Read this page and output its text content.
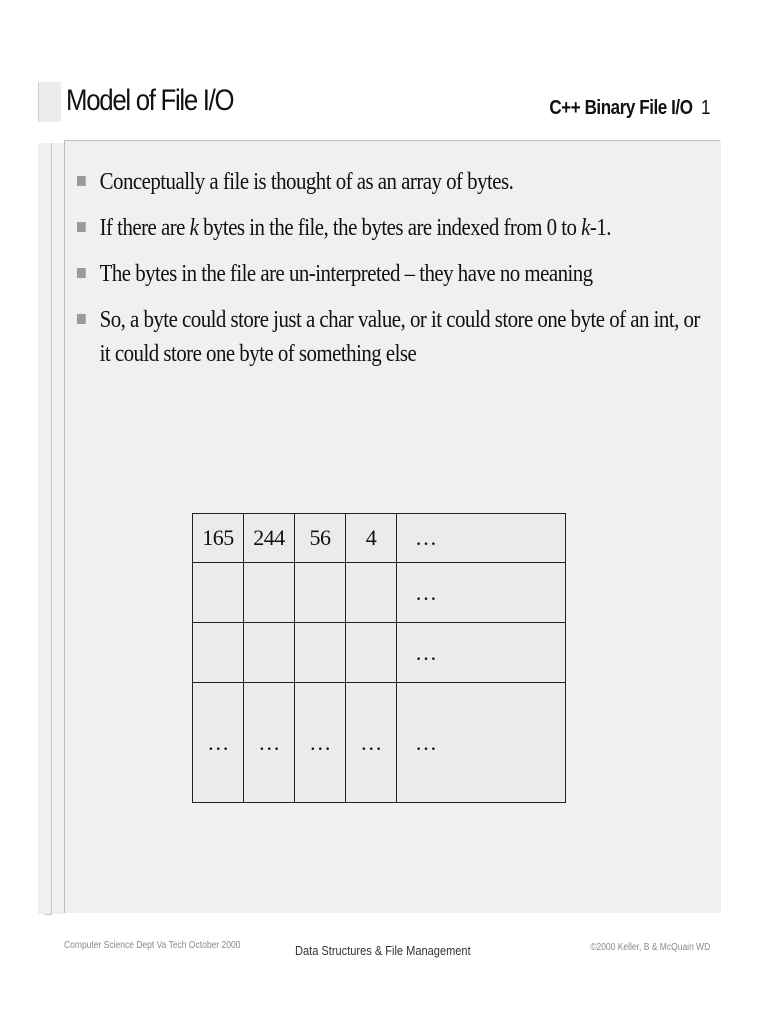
Model of File I/O	C++ Binary File I/O 1
Conceptually a file is thought of as an array of bytes.
If there are k bytes in the file, the bytes are indexed from 0 to k-1.
The bytes in the file are un-interpreted – they have no meaning
So, a byte could store just a char value, or it could store one byte of an int, or it could store one byte of something else
165	244	56	4	…
				…
				…
…	…	…	…	…
Computer Science Dept Va Tech October 2000	Data Structures & File Management	©2000 Keller, B & McQuain WD
